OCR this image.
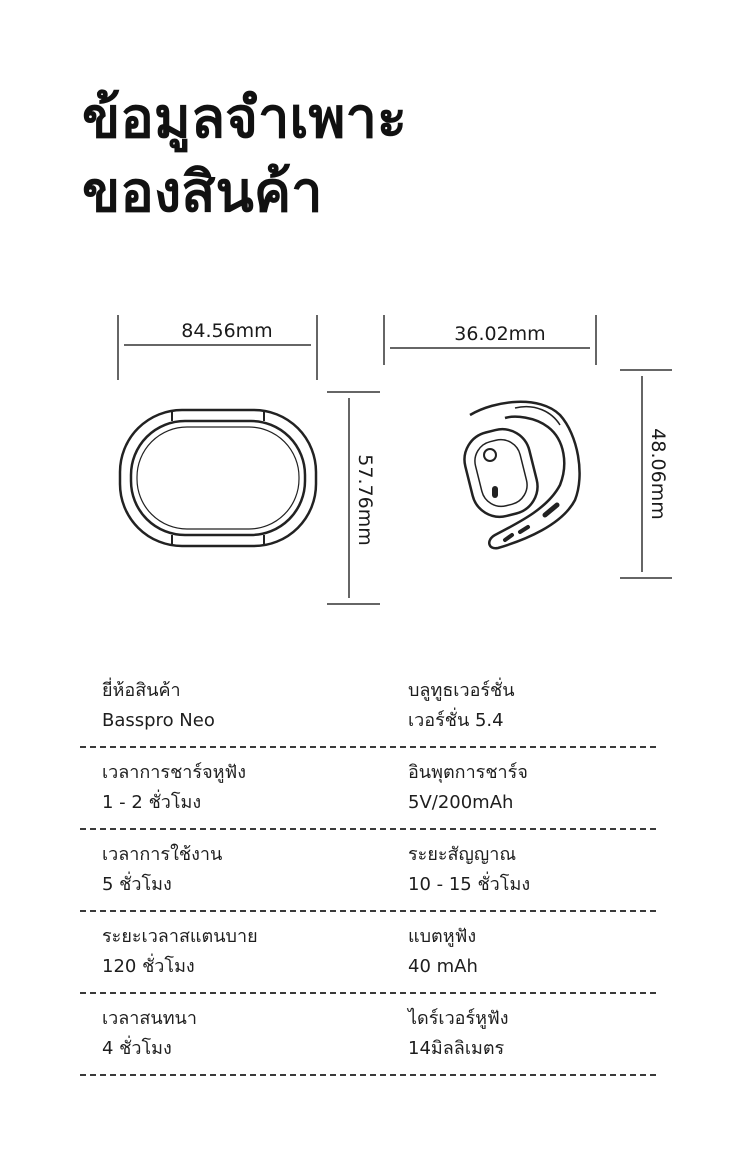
ข้อมูลจำเพาะ
ของสินค้า
84.56mm
57.76mm
36.02mm
48.06mm
ยี่ห้อสินค้า
Basspro Neo
บลูทูธเวอร์ชั่น
เวอร์ชั่น 5.4
เวลาการชาร์จหูฟัง
1 - 2 ชั่วโมง
อินพุตการชาร์จ
5V/200mAh
เวลาการใช้งาน
5 ชั่วโมง
ระยะสัญญาณ
10 - 15 ชั่วโมง
ระยะเวลาสแตนบาย
120 ชั่วโมง
แบตหูฟัง
40 mAh
เวลาสนทนา
4 ชั่วโมง
ไดร์เวอร์หูฟัง
14มิลลิเมตร
